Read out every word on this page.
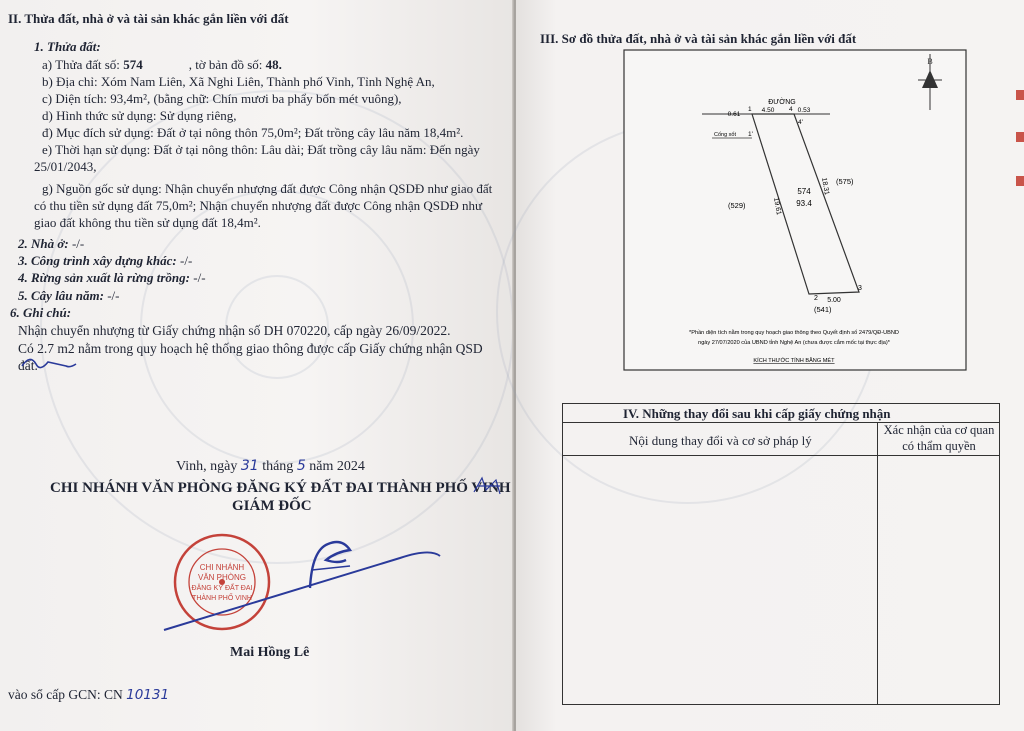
II. Thửa đất, nhà ở và tài sản khác gắn liền với đất
1. Thửa đất:
a) Thửa đất số: 574	, tờ bản đồ số: 48.
b) Địa chỉ: Xóm Nam Liên, Xã Nghi Liên, Thành phố Vinh, Tỉnh Nghệ An,
c) Diện tích: 93,4m², (bằng chữ: Chín mươi ba phẩy bốn mét vuông),
d) Hình thức sử dụng: Sử dụng riêng,
đ) Mục đích sử dụng: Đất ở tại nông thôn 75,0m²; Đất trồng cây lâu năm 18,4m².
e) Thời hạn sử dụng: Đất ở tại nông thôn: Lâu dài; Đất trồng cây lâu năm: Đến ngày
25/01/2043,
g) Nguồn gốc sử dụng: Nhận chuyển nhượng đất được Công nhận QSDĐ như giao đất
có thu tiền sử dụng đất 75,0m²; Nhận chuyển nhượng đất được Công nhận QSDĐ như
giao đất không thu tiền sử dụng đất 18,4m².
2. Nhà ở: -/-
3. Công trình xây dựng khác: -/-
4. Rừng sản xuất là rừng trồng: -/-
5. Cây lâu năm: -/-
6. Ghi chú:
Nhận chuyển nhượng từ Giấy chứng nhận số DH 070220, cấp ngày 26/09/2022.
Có 2.7 m2 nằm trong quy hoạch hệ thống giao thông được cấp Giấy chứng nhận QSD
đất.
Vinh, ngày 31 tháng 5 năm 2024
CHI NHÁNH VĂN PHÒNG ĐĂNG KÝ ĐẤT ĐAI THÀNH PHỐ VINH
GIÁM ĐỐC
CHI NHÁNH
VĂN PHÒNG
ĐĂNG KÝ ĐẤT ĐAI
THÀNH PHỐ VINH
Mai Hồng Lê
vào sổ cấp GCN: CN 10131
III. Sơ đồ thửa đất, nhà ở và tài sản khác gắn liền với đất
B
ĐƯỜNG
0.61
4.50	0.53
1
1'
4
4'
Cống xốt
574
93.4
19.61
18.31
5.00
2
3
(529)
(575)
(541)
*Phần diện tích nằm trong quy hoạch giao thông theo Quyết định số 2479/QĐ-UBND
ngày 27/07/2020 của UBND tỉnh Nghệ An (chưa được cắm mốc tại thực địa)*
KÍCH THƯỚC TÍNH BẰNG MÉT
IV. Những thay đổi sau khi cấp giấy chứng nhận
Nội dung thay đổi và cơ sở pháp lý
Xác nhận của cơ quan
có thẩm quyền
